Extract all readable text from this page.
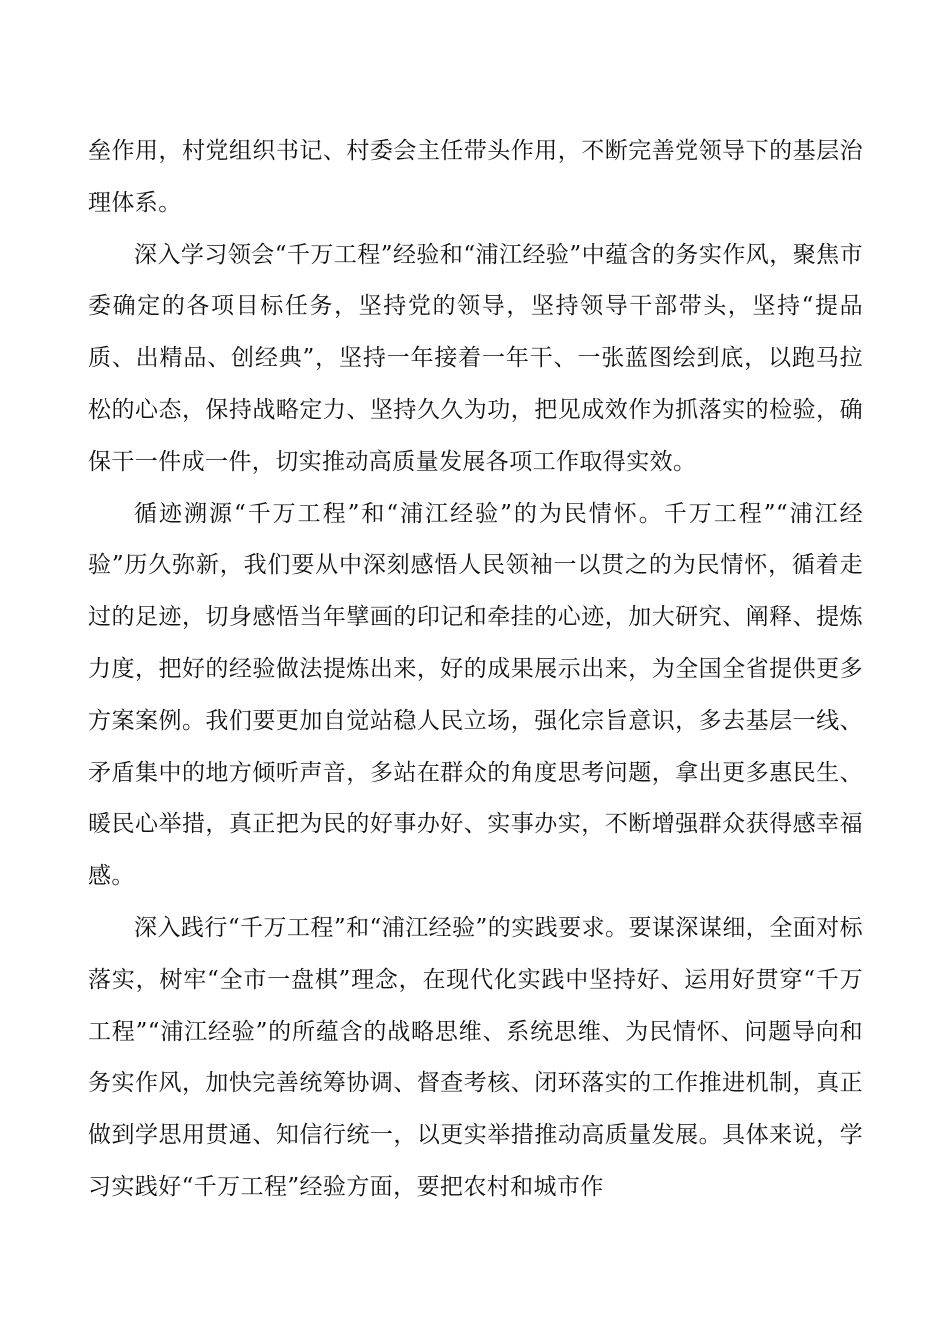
垒作用，村党组织书记、村委会主任带头作用，不断完善党领导下的基层治理体系。

深入学习领会“千万工程”经验和“浦江经验”中蕴含的务实作风，聚焦市委确定的各项目标任务，坚持党的领导，坚持领导干部带头，坚持“提品质、出精品、创经典”，坚持一年接着一年干、一张蓝图绘到底，以跑马拉松的心态，保持战略定力、坚持久久为功，把见成效作为抓落实的检验，确保干一件成一件，切实推动高质量发展各项工作取得实效。

循迹溯源“千万工程”和“浦江经验”的为民情怀。千万工程”“浦江经验”历久弥新，我们要从中深刻感悟人民领袖一以贯之的为民情怀，循着走过的足迹，切身感悟当年擘画的印记和牵挂的心迹，加大研究、阐释、提炼力度，把好的经验做法提炼出来，好的成果展示出来，为全国全省提供更多方案案例。我们要更加自觉站稳人民立场，强化宗旨意识，多去基层一线、矛盾集中的地方倾听声音，多站在群众的角度思考问题，拿出更多惠民生、暖民心举措，真正把为民的好事办好、实事办实，不断增强群众获得感幸福感。

深入践行“千万工程”和“浦江经验”的实践要求。要谋深谋细，全面对标落实，树牢“全市一盘棋”理念，在现代化实践中坚持好、运用好贯穿“千万工程”“浦江经验”的所蕴含的战略思维、系统思维、为民情怀、问题导向和务实作风，加快完善统筹协调、督查考核、闭环落实的工作推进机制，真正做到学思用贯通、知信行统一，以更实举措推动高质量发展。具体来说，学习实践好“千万工程”经验方面，要把农村和城市作
